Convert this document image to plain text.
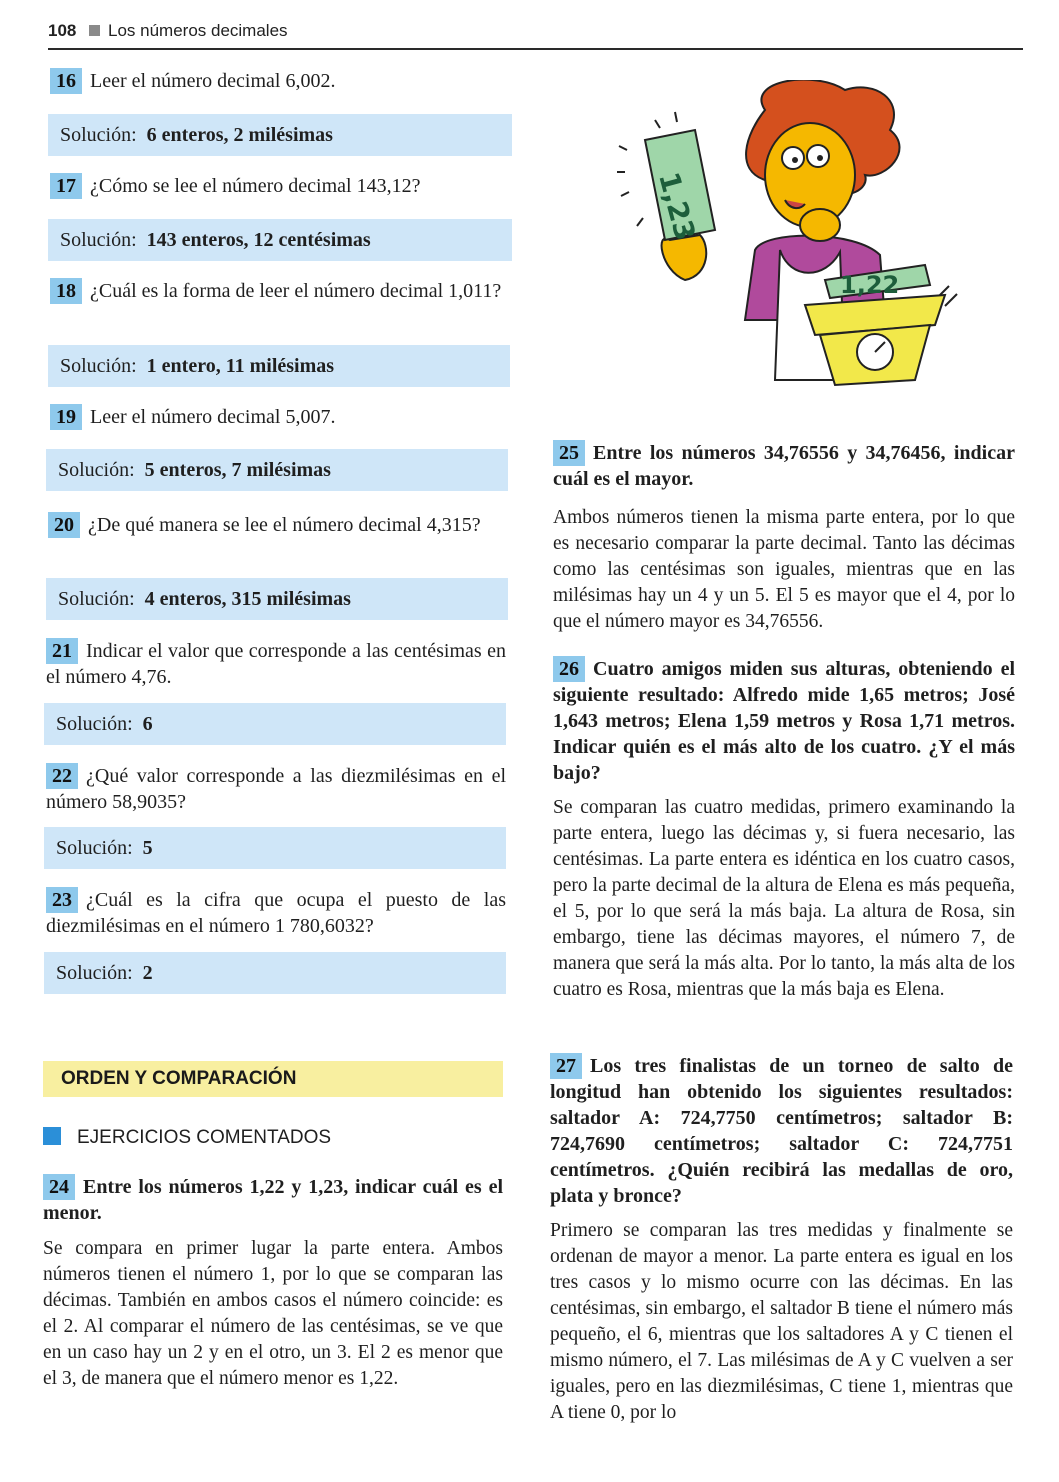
108 Los números decimales
16 Leer el número decimal 6,002.
Solución: 6 enteros, 2 milésimas
17 ¿Cómo se lee el número decimal 143,12?
Solución: 143 enteros, 12 centésimas
18 ¿Cuál es la forma de leer el número decimal 1,011?
Solución: 1 entero, 11 milésimas
19 Leer el número decimal 5,007.
Solución: 5 enteros, 7 milésimas
20 ¿De qué manera se lee el número decimal 4,315?
Solución: 4 enteros, 315 milésimas
21 Indicar el valor que corresponde a las centésimas en el número 4,76.
Solución: 6
22 ¿Qué valor corresponde a las diezmilésimas en el número 58,9035?
Solución: 5
23 ¿Cuál es la cifra que ocupa el puesto de las diezmilésimas en el número 1 780,6032?
Solución: 2
ORDEN Y COMPARACIÓN
EJERCICIOS COMENTADOS
24 Entre los números 1,22 y 1,23, indicar cuál es el menor.
Se compara en primer lugar la parte entera. Ambos números tienen el número 1, por lo que se comparan las décimas. También en ambos casos el número coincide: es el 2. Al comparar el número de las centésimas, se ve que en un caso hay un 2 y en el otro, un 3. El 2 es menor que el 3, de manera que el número menor es 1,22.
1,23
1,22
25 Entre los números 34,76556 y 34,76456, indicar cuál es el mayor.
Ambos números tienen la misma parte entera, por lo que es necesario comparar la parte decimal. Tanto las décimas como las centésimas son iguales, mientras que en las milésimas hay un 4 y un 5. El 5 es mayor que el 4, por lo que el número mayor es 34,76556.
26 Cuatro amigos miden sus alturas, obteniendo el siguiente resultado: Alfredo mide 1,65 metros; José 1,643 metros; Elena 1,59 metros y Rosa 1,71 metros. Indicar quién es el más alto de los cuatro. ¿Y el más bajo?
Se comparan las cuatro medidas, primero examinando la parte entera, luego las décimas y, si fuera necesario, las centésimas. La parte entera es idéntica en los cuatro casos, pero la parte decimal de la altura de Elena es más pequeña, el 5, por lo que será la más baja. La altura de Rosa, sin embargo, tiene las décimas mayores, el número 7, de manera que será la más alta. Por lo tanto, la más alta de los cuatro es Rosa, mientras que la más baja es Elena.
27 Los tres finalistas de un torneo de salto de longitud han obtenido los siguientes resultados: saltador A: 724,7750 centímetros; saltador B: 724,7690 centímetros; saltador C: 724,7751 centímetros. ¿Quién recibirá las medallas de oro, plata y bronce?
Primero se comparan las tres medidas y finalmente se ordenan de mayor a menor. La parte entera es igual en los tres casos y lo mismo ocurre con las décimas. En las centésimas, sin embargo, el saltador B tiene el número más pequeño, el 6, mientras que los saltadores A y C tienen el mismo número, el 7. Las milésimas de A y C vuelven a ser iguales, pero en las diezmilésimas, C tiene 1, mientras que A tiene 0, por lo
